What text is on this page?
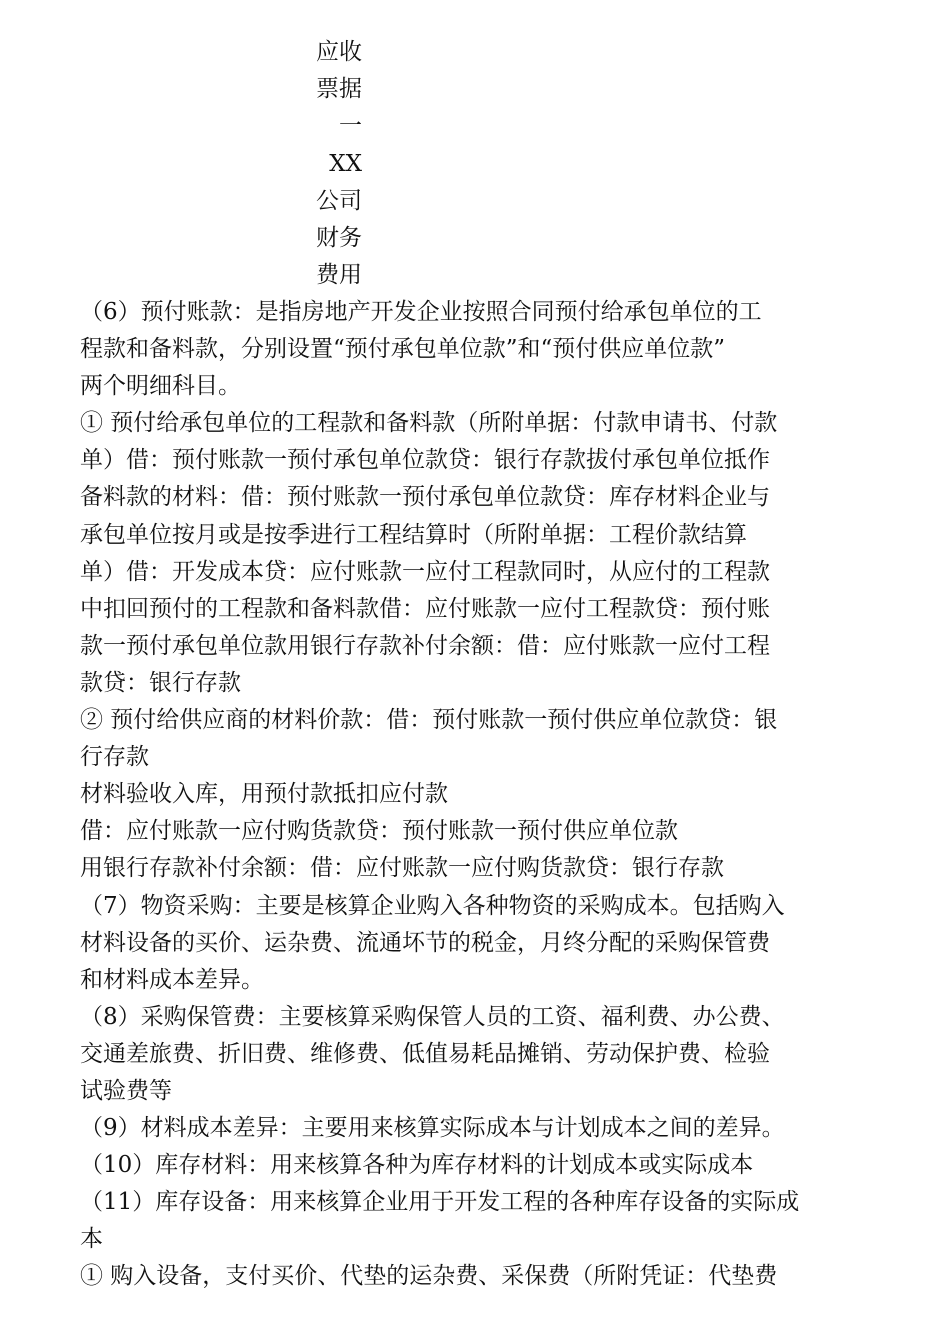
应收
票据
一
XX
公司
财务
费用
（6）预付账款：是指房地产开发企业按照合同预付给承包单位的工
程款和备料款，分别设置“预付承包单位款”和“预付供应单位款”
两个明细科目。
① 预付给承包单位的工程款和备料款（所附单据：付款申请书、付款
单）借：预付账款一预付承包单位款贷：银行存款拔付承包单位抵作
备料款的材料：借：预付账款一预付承包单位款贷：库存材料企业与
承包单位按月或是按季进行工程结算时（所附单据：工程价款结算
单）借：开发成本贷：应付账款一应付工程款同时，从应付的工程款
中扣回预付的工程款和备料款借：应付账款一应付工程款贷：预付账
款一预付承包单位款用银行存款补付余额：借：应付账款一应付工程
款贷：银行存款
② 预付给供应商的材料价款：借：预付账款一预付供应单位款贷：银
行存款
材料验收入库，用预付款抵扣应付款
借：应付账款一应付购货款贷：预付账款一预付供应单位款
用银行存款补付余额：借：应付账款一应付购货款贷：银行存款
（7）物资采购：主要是核算企业购入各种物资的采购成本。包括购入
材料设备的买价、运杂费、流通坏节的税金，月终分配的采购保管费
和材料成本差异。
（8）采购保管费：主要核算采购保管人员的工资、福利费、办公费、
交通差旅费、折旧费、维修费、低值易耗品摊销、劳动保护费、检验
试验费等
（9）材料成本差异：主要用来核算实际成本与计划成本之间的差异。
（10）库存材料：用来核算各种为库存材料的计划成本或实际成本
（11）库存设备：用来核算企业用于开发工程的各种库存设备的实际成
本
① 购入设备，支付买价、代垫的运杂费、采保费（所附凭证：代垫费
